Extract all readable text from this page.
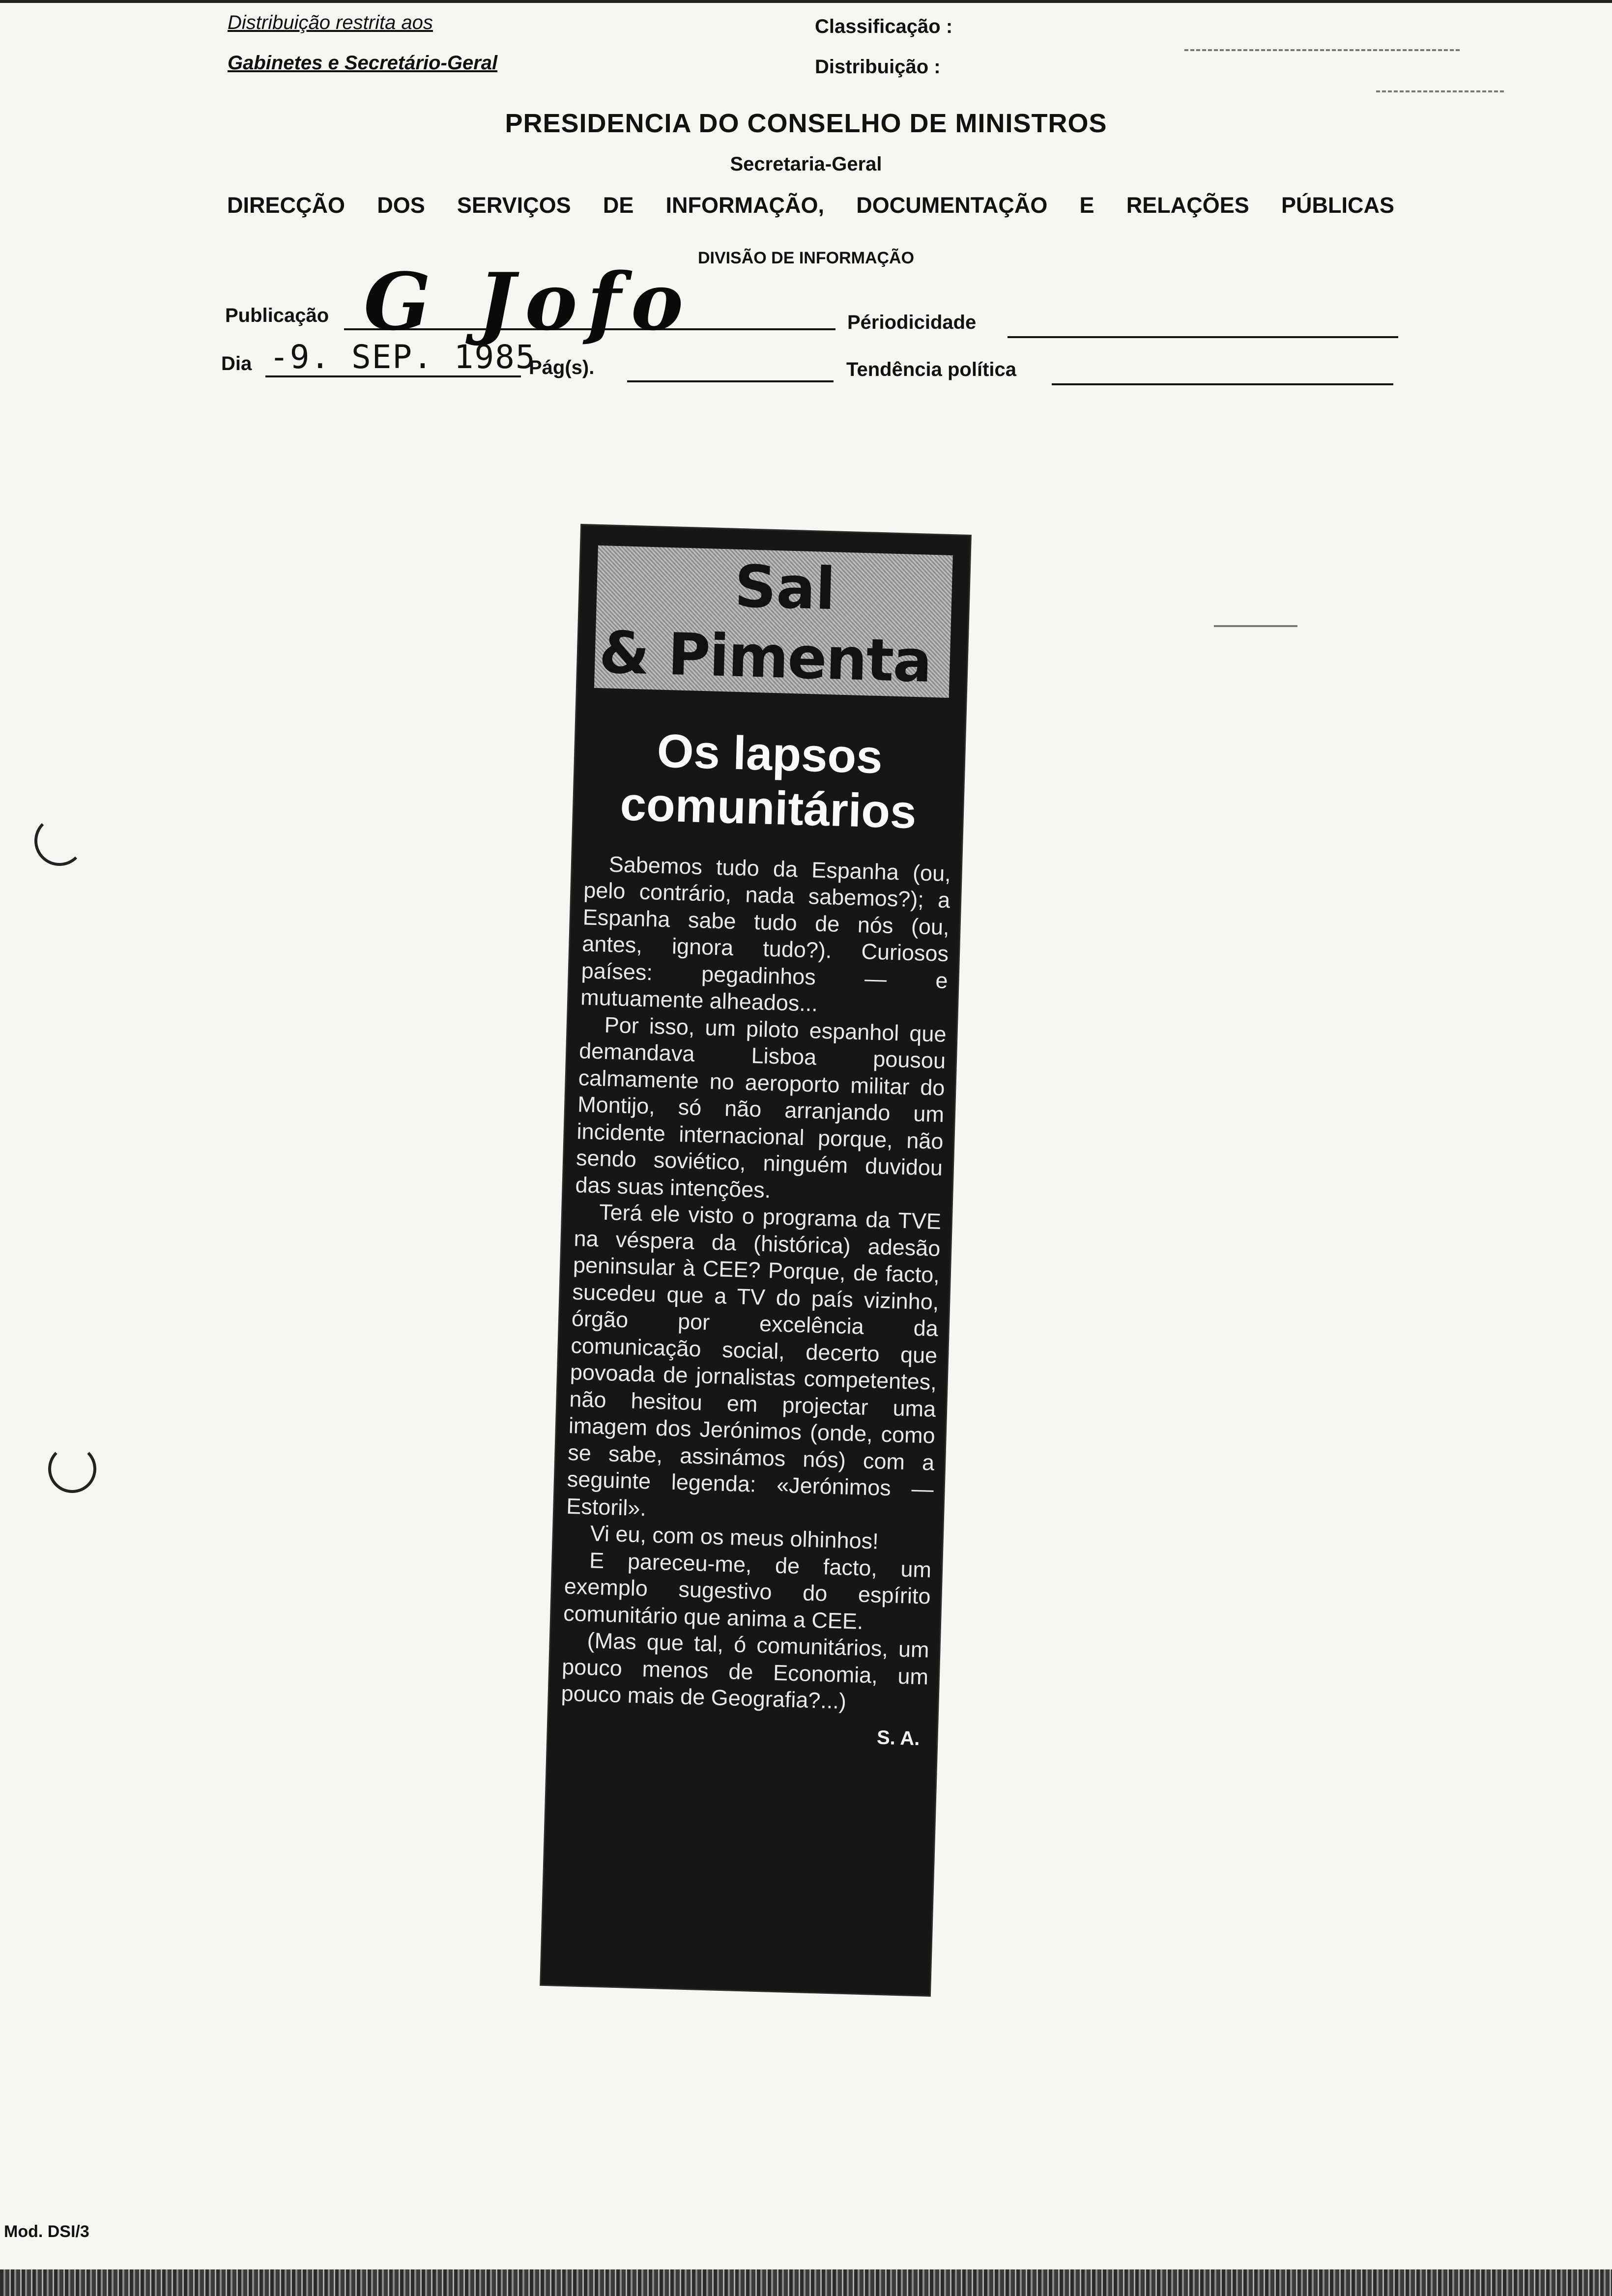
Distribuição restrita aos
Gabinetes e Secretário-Geral
Classificação :
Distribuição :
PRESIDENCIA DO CONSELHO DE MINISTROS
Secretaria-Geral
DIRECÇÃO DOS SERVIÇOS DE INFORMAÇÃO, DOCUMENTAÇÃO E RELAÇÕES PÚBLICAS
DIVISÃO DE INFORMAÇÃO
Publicação G Jofo	Périodicidade
Dia -9. SEP. 1985
Pág(s).	Tendência política
Sal
& Pimenta
Os lapsos
comunitários

Sabemos tudo da Espanha (ou, pelo contrário, nada sabemos?); a Espanha sabe tudo de nós (ou, antes, ignora tudo?). Curiosos países: pegadinhos — e mutuamente alheados...

Por isso, um piloto espanhol que demandava Lisboa pousou calmamente no aeroporto militar do Montijo, só não arranjando um incidente internacional porque, não sendo soviético, ninguém duvidou das suas intenções.

Terá ele visto o programa da TVE na véspera da (histórica) adesão peninsular à CEE? Porque, de facto, sucedeu que a TV do país vizinho, órgão por excelência da comunicação social, decerto que povoada de jornalistas competentes, não hesitou em projectar uma imagem dos Jerónimos (onde, como se sabe, assinámos nós) com a seguinte legenda: «Jerónimos — Estoril».

Vi eu, com os meus olhinhos!

E pareceu-me, de facto, um exemplo sugestivo do espírito comunitário que anima a CEE.

(Mas que tal, ó comunitários, um pouco menos de Economia, um pouco mais de Geografia?...)

S. A.
Mod. DSI/3
